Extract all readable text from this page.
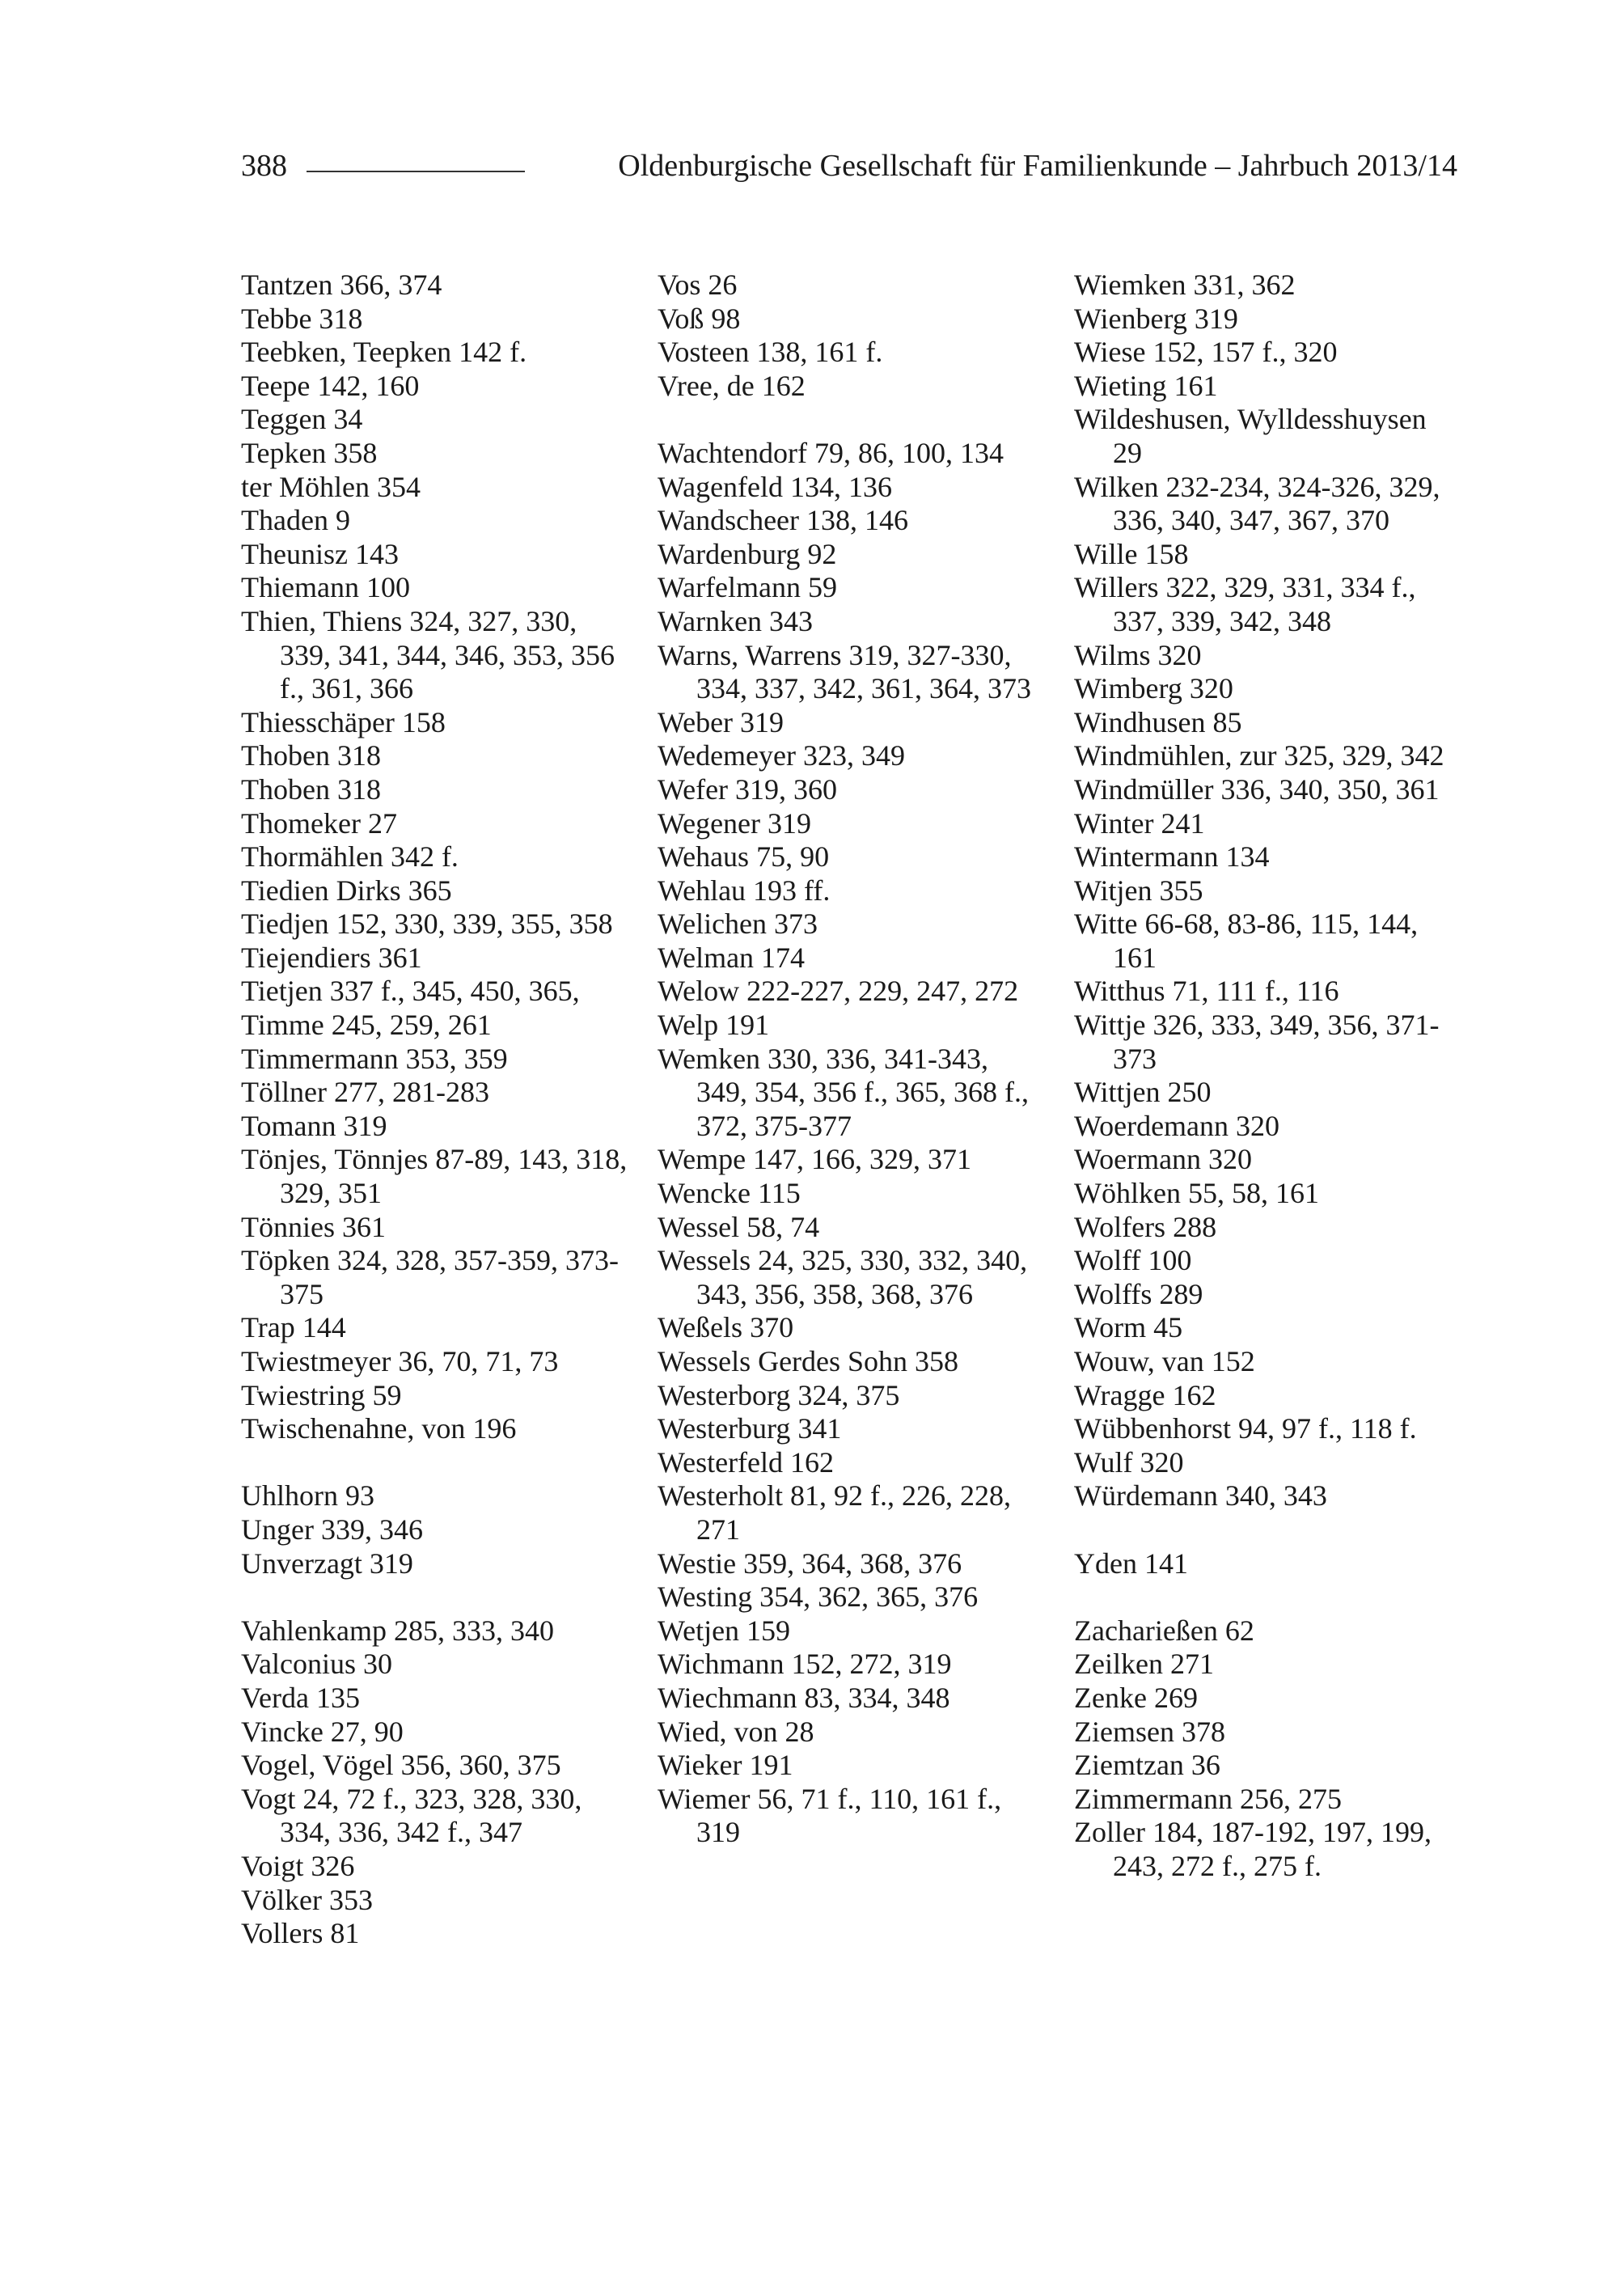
388	Oldenburgische Gesellschaft für Familienkunde – Jahrbuch 2013/14

Tantzen 366, 374

Tebbe 318

Teebken, Teepken 142 f.

Teepe 142, 160

Teggen 34

Tepken 358

ter Möhlen 354

Thaden 9

Theunisz 143

Thiemann 100

Thien, Thiens 324, 327, 330, 339, 341, 344, 346, 353, 356 f., 361, 366

Thiesschäper 158

Thoben 318

Thoben 318

Thomeker 27

Thormählen 342 f.

Tiedien Dirks 365

Tiedjen 152, 330, 339, 355, 358

Tiejendiers 361

Tietjen 337 f., 345, 450, 365,

Timme 245, 259, 261

Timmermann 353, 359

Töllner 277, 281-283

Tomann 319

Tönjes, Tönnjes 87-89, 143, 318, 329, 351

Tönnies 361

Töpken 324, 328, 357-359, 373-375

Trap 144

Twiestmeyer 36, 70, 71, 73

Twiestring 59

Twischenahne, von 196

Uhlhorn 93

Unger 339, 346

Unverzagt 319

Vahlenkamp 285, 333, 340

Valconius 30

Verda 135

Vincke 27, 90

Vogel, Vögel 356, 360, 375

Vogt 24, 72 f., 323, 328, 330, 334, 336, 342 f., 347

Voigt 326

Völker 353

Vollers 81

Vos 26

Voß 98

Vosteen 138, 161 f.

Vree, de 162

Wachtendorf 79, 86, 100, 134

Wagenfeld 134, 136

Wandscheer 138, 146

Wardenburg 92

Warfelmann 59

Warnken 343

Warns, Warrens 319, 327-330, 334, 337, 342, 361, 364, 373

Weber 319

Wedemeyer 323, 349

Wefer 319, 360

Wegener 319

Wehaus 75, 90

Wehlau 193 ff.

Welichen 373

Welman 174

Welow 222-227, 229, 247, 272

Welp 191

Wemken 330, 336, 341-343, 349, 354, 356 f., 365, 368 f., 372, 375-377

Wempe 147, 166, 329, 371

Wencke 115

Wessel 58, 74

Wessels 24, 325, 330, 332, 340, 343, 356, 358, 368, 376

Weßels 370

Wessels Gerdes Sohn 358

Westerborg 324, 375

Westerburg 341

Westerfeld 162

Westerholt 81, 92 f., 226, 228, 271

Westie 359, 364, 368, 376

Westing 354, 362, 365, 376

Wetjen 159

Wichmann 152, 272, 319

Wiechmann 83, 334, 348

Wied, von 28

Wieker 191

Wiemer 56, 71 f., 110, 161 f., 319

Wiemken 331, 362

Wienberg 319

Wiese 152, 157 f., 320

Wieting 161

Wildeshusen, Wylldesshuysen 29

Wilken 232-234, 324-326, 329, 336, 340, 347, 367, 370

Wille 158

Willers 322, 329, 331, 334 f., 337, 339, 342, 348

Wilms 320

Wimberg 320

Windhusen 85

Windmühlen, zur 325, 329, 342

Windmüller 336, 340, 350, 361

Winter 241

Wintermann 134

Witjen 355

Witte 66-68, 83-86, 115, 144, 161

Witthus 71, 111 f., 116

Wittje 326, 333, 349, 356, 371-373

Wittjen 250

Woerdemann 320

Woermann 320

Wöhlken 55, 58, 161

Wolfers 288

Wolff 100

Wolffs 289

Worm 45

Wouw, van 152

Wragge 162

Wübbenhorst 94, 97 f., 118 f.

Wulf 320

Würdemann 340, 343

Yden 141

Zacharießen 62

Zeilken 271

Zenke 269

Ziemsen 378

Ziemtzan 36

Zimmermann 256, 275

Zoller 184, 187-192, 197, 199, 243, 272 f., 275 f.
